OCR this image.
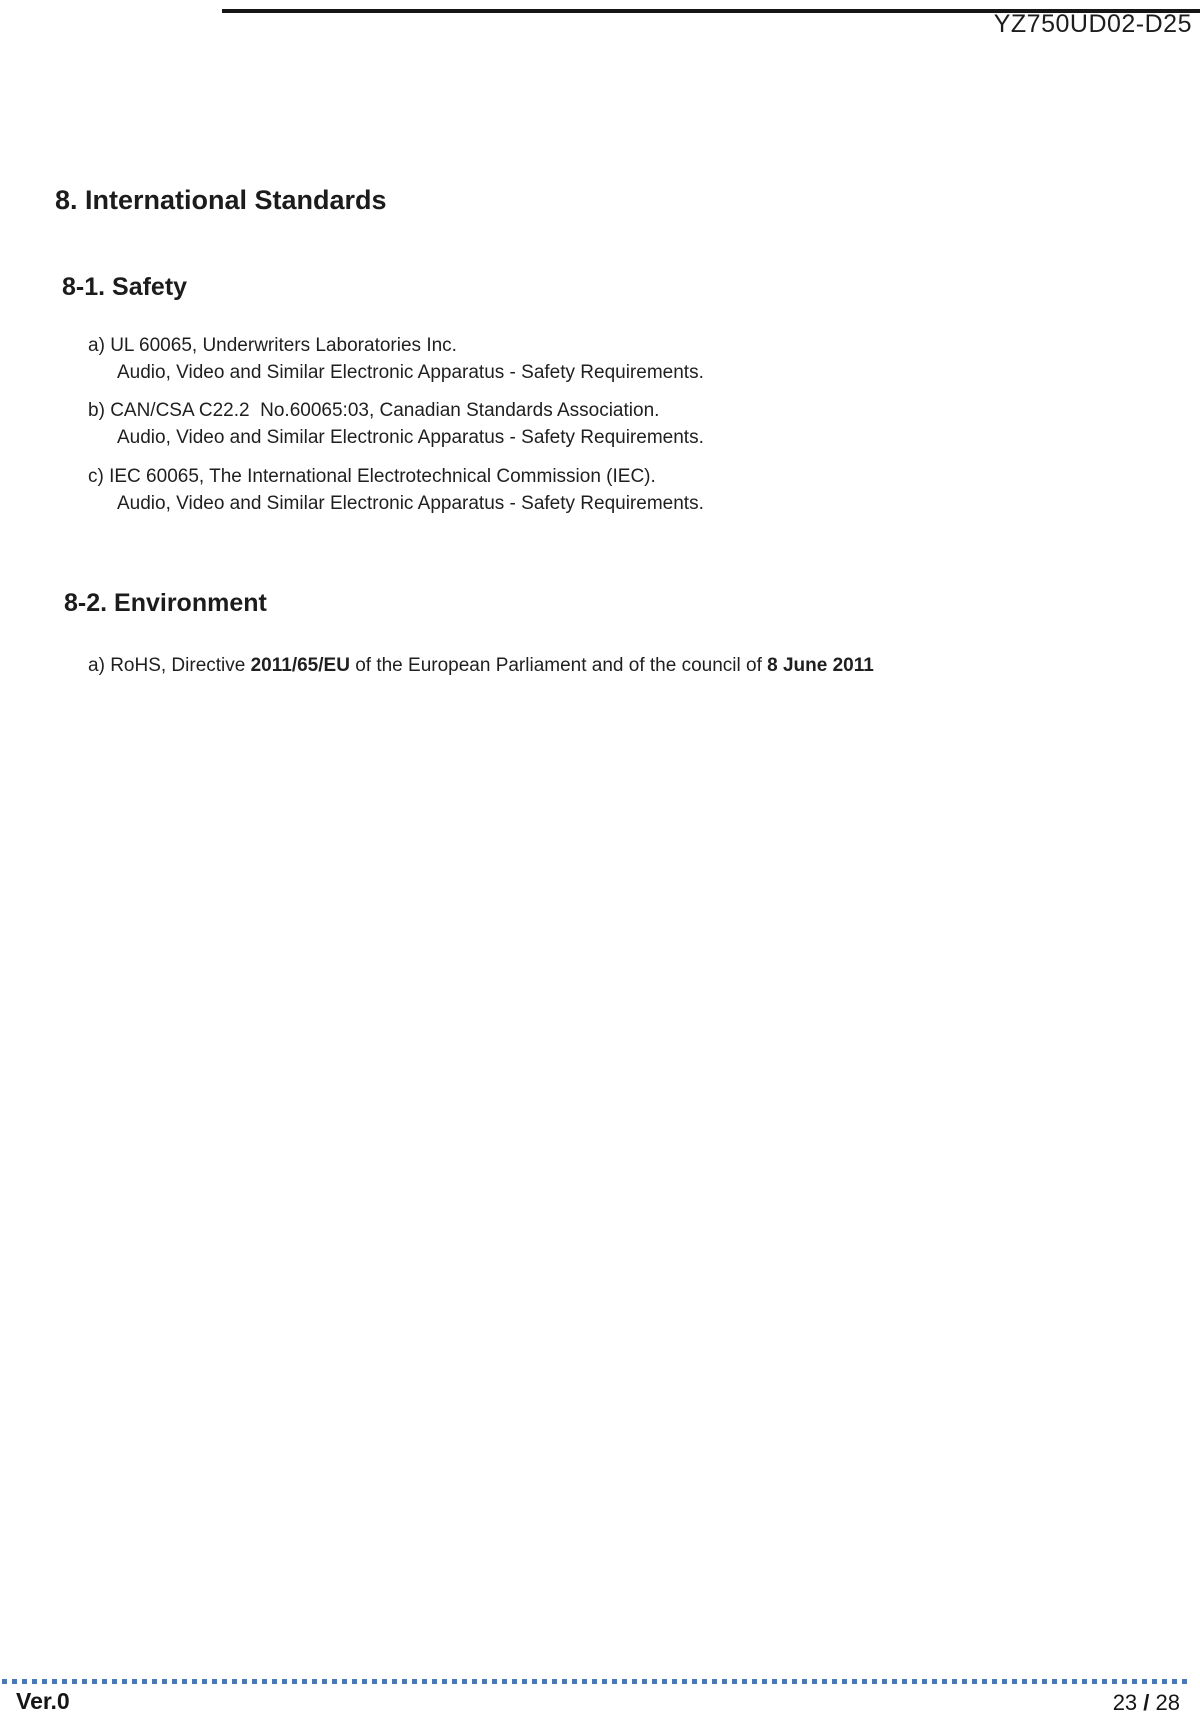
YZ750UD02-D25
8. International Standards
8-1. Safety
a) UL 60065, Underwriters Laboratories Inc.
Audio, Video and Similar Electronic Apparatus - Safety Requirements.
b) CAN/CSA C22.2  No.60065:03, Canadian Standards Association.
Audio, Video and Similar Electronic Apparatus - Safety Requirements.
c) IEC 60065, The International Electrotechnical Commission (IEC).
Audio, Video and Similar Electronic Apparatus - Safety Requirements.
8-2. Environment
a) RoHS, Directive 2011/65/EU of the European Parliament and of the council of 8 June 2011
Ver.0	23 / 28
